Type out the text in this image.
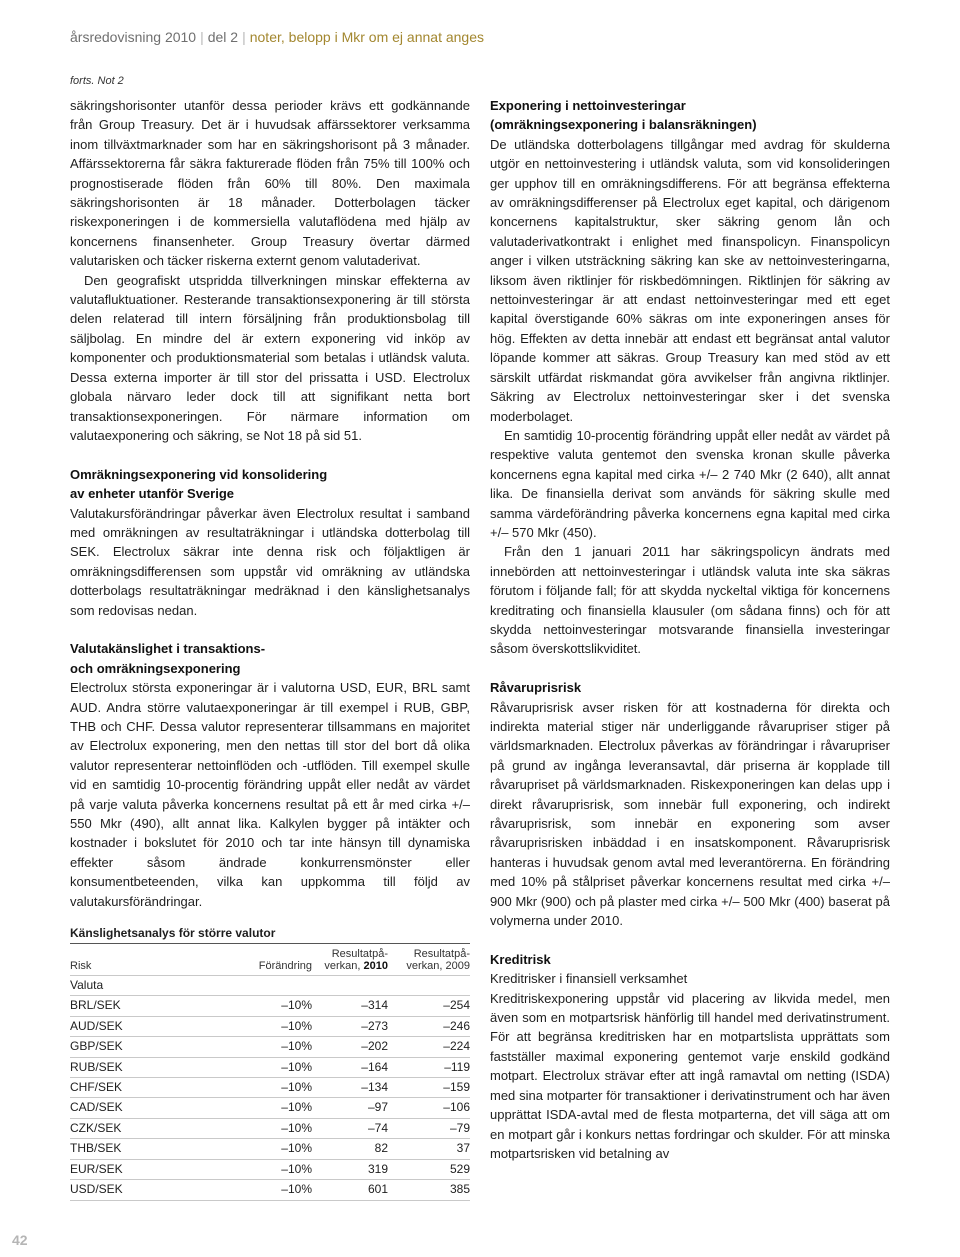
årsredovisning 2010 | del 2 | noter, belopp i Mkr om ej annat anges
forts. Not 2

säkringshorisonter utanför dessa perioder krävs ett godkännande från Group Treasury. Det är i huvudsak affärssektorer verksamma inom tillväxtmarknader som har en säkringshorisont på 3 månader. Affärssektorerna får säkra fakturerade flöden från 75% till 100% och prognostiserade flöden från 60% till 80%. Den maximala säkringshorisonten är 18 månader. Dotterbolagen täcker riskexponeringen i de kommersiella valutaflödena med hjälp av koncernens finansenheter. Group Treasury övertar därmed valutarisken och täcker riskerna externt genom valutaderivat.

Den geografiskt utspridda tillverkningen minskar effekterna av valutafluktuationer. Resterande transaktionsexponering är till största delen relaterad till intern försäljning från produktionsbolag till säljbolag. En mindre del är extern exponering vid inköp av komponenter och produktionsmaterial som betalas i utländsk valuta. Dessa externa importer är till stor del prissatta i USD. Electrolux globala närvaro leder dock till att signifikant netta bort transaktionsexponeringen. För närmare information om valutaexponering och säkring, se Not 18 på sid 51.

Omräkningsexponering vid konsolidering
av enheter utanför Sverige

Valutakursförändringar påverkar även Electrolux resultat i samband med omräkningen av resultaträkningar i utländska dotterbolag till SEK. Electrolux säkrar inte denna risk och följaktligen är omräkningsdifferensen som uppstår vid omräkning av utländska dotterbolags resultaträkningar medräknad i den känslighetsanalys som redovisas nedan.

Valutakänslighet i transaktions-
och omräkningsexponering

Electrolux största exponeringar är i valutorna USD, EUR, BRL samt AUD. Andra större valutaexponeringar är till exempel i RUB, GBP, THB och CHF. Dessa valutor representerar tillsammans en majoritet av Electrolux exponering, men den nettas till stor del bort då olika valutor representerar nettoinflöden och -utflöden. Till exempel skulle vid en samtidig 10-procentig förändring uppåt eller nedåt av värdet på varje valuta påverka koncernens resultat på ett år med cirka +/–550 Mkr (490), allt annat lika. Kalkylen bygger på intäkter och kostnader i bokslutet för 2010 och tar inte hänsyn till dynamiska effekter såsom ändrade konkurrensmönster eller konsumentbeteenden, vilka kan uppkomma till följd av valutakursförändringar.

Känslighetsanalys för större valutor
Risk	Förändring	Resultatpå-
verkan, 2010	Resultatpå-
verkan, 2009
Valuta			
BRL/SEK	–10%	–314	–254
AUD/SEK	–10%	–273	–246
GBP/SEK	–10%	–202	–224
RUB/SEK	–10%	–164	–119
CHF/SEK	–10%	–134	–159
CAD/SEK	–10%	–97	–106
CZK/SEK	–10%	–74	–79
THB/SEK	–10%	82	37
EUR/SEK	–10%	319	529
USD/SEK	–10%	601	385
Exponering i nettoinvesteringar
(omräkningsexponering i balansräkningen)

De utländska dotterbolagens tillgångar med avdrag för skulderna utgör en nettoinvestering i utländsk valuta, som vid konsolideringen ger upphov till en omräkningsdifferens. För att begränsa effekterna av omräkningsdifferenser på Electrolux eget kapital, och därigenom koncernens kapitalstruktur, sker säkring genom lån och valutaderivatkontrakt i enlighet med finanspolicyn. Finanspolicyn anger i vilken utsträckning säkring kan ske av nettoinvesteringarna, liksom även riktlinjer för riskbedömningen. Riktlinjen för säkring av nettoinvesteringar är att endast nettoinvesteringar med ett eget kapital överstigande 60% säkras om inte exponeringen anses för hög. Effekten av detta innebär att endast ett begränsat antal valutor löpande kommer att säkras. Group Treasury kan med stöd av ett särskilt utfärdat riskmandat göra avvikelser från angivna riktlinjer. Säkring av Electrolux nettoinvesteringar sker i det svenska moderbolaget.

En samtidig 10-procentig förändring uppåt eller nedåt av värdet på respektive valuta gentemot den svenska kronan skulle påverka koncernens egna kapital med cirka +/– 2 740 Mkr (2 640), allt annat lika. De finansiella derivat som används för säkring skulle med samma värdeförändring påverka koncernens egna kapital med cirka +/– 570 Mkr (450).

Från den 1 januari 2011 har säkringspolicyn ändrats med innebörden att nettoinvesteringar i utländsk valuta inte ska säkras förutom i följande fall; för att skydda nyckeltal viktiga för koncernens kreditrating och finansiella klausuler (om sådana finns) och för att skydda nettoinvesteringar motsvarande finansiella investeringar såsom överskottslikviditet.

Råvaruprisrisk

Råvaruprisrisk avser risken för att kostnaderna för direkta och indirekta material stiger när underliggande råvarupriser stiger på världsmarknaden. Electrolux påverkas av förändringar i råvarupriser på grund av ingånga leveransavtal, där priserna är kopplade till råvarupriset på världsmarknaden. Riskexponeringen kan delas upp i direkt råvaruprisrisk, som innebär full exponering, och indirekt råvaruprisrisk, som innebär en exponering som avser råvaruprisrisken inbäddad i en insatskomponent. Råvaruprisrisk hanteras i huvudsak genom avtal med leverantörerna. En förändring med 10% på stålpriset påverkar koncernens resultat med cirka +/– 900 Mkr (900) och på plaster med cirka +/– 500 Mkr (400) baserat på volymerna under 2010.

Kreditrisk
Kreditrisker i finansiell verksamhet

Kreditriskexponering uppstår vid placering av likvida medel, men även som en motpartsrisk hänförlig till handel med derivatinstrument. För att begränsa kreditrisken har en motpartslista upprättats som fastställer maximal exponering gentemot varje enskild godkänd motpart. Electrolux strävar efter att ingå ramavtal om netting (ISDA) med sina motparter för transaktioner i derivatinstrument och har även upprättat ISDA-avtal med de flesta motparterna, det vill säga att om en motpart går i konkurs nettas fordringar och skulder. För att minska motpartsrisken vid betalning av

42
